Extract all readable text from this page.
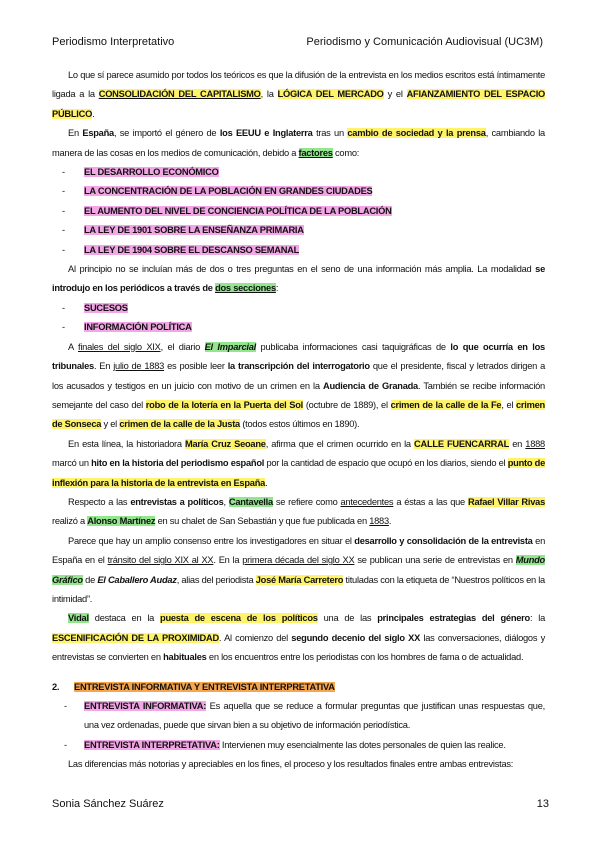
Periodismo Interpretativo	Periodismo y Comunicación Audiovisual (UC3M)

Lo que sí parece asumido por todos los teóricos es que la difusión de la entrevista en los medios escritos está íntimamente ligada a la CONSOLIDACIÓN DEL CAPITALISMO, la LÓGICA DEL MERCADO y el AFIANZAMIENTO DEL ESPACIO PÚBLICO.

En España, se importó el género de los EEUU e Inglaterra tras un cambio de sociedad y la prensa, cambiando la manera de las cosas en los medios de comunicación, debido a factores como:

- EL DESARROLLO ECONÓMICO
- LA CONCENTRACIÓN DE LA POBLACIÓN EN GRANDES CIUDADES
- EL AUMENTO DEL NIVEL DE CONCIENCIA POLÍTICA DE LA POBLACIÓN
- LA LEY DE 1901 SOBRE LA ENSEÑANZA PRIMARIA
- LA LEY DE 1904 SOBRE EL DESCANSO SEMANAL

Al principio no se incluían más de dos o tres preguntas en el seno de una información más amplia. La modalidad se introdujo en los periódicos a través de dos secciones:

- SUCESOS
- INFORMACIÓN POLÍTICA

A finales del siglo XIX, el diario El Imparcial publicaba informaciones casi taquigráficas de lo que ocurría en los tribunales. En julio de 1883 es posible leer la transcripción del interrogatorio que el presidente, fiscal y letrados dirigen a los acusados y testigos en un juicio con motivo de un crimen en la Audiencia de Granada. También se recibe información semejante del caso del robo de la lotería en la Puerta del Sol (octubre de 1889), el crimen de la calle de la Fe, el crimen de Sonseca y el crimen de la calle de la Justa (todos estos últimos en 1890).

En esta línea, la historiadora María Cruz Seoane, afirma que el crimen ocurrido en la CALLE FUENCARRAL en 1888 marcó un hito en la historia del periodismo español por la cantidad de espacio que ocupó en los diarios, siendo el punto de inflexión para la historia de la entrevista en España.

Respecto a las entrevistas a políticos, Cantavella se refiere como antecedentes a éstas a las que Rafael Villar Rivas realizó a Alonso Martínez en su chalet de San Sebastián y que fue publicada en 1883.

Parece que hay un amplio consenso entre los investigadores en situar el desarrollo y consolidación de la entrevista en España en el tránsito del siglo XIX al XX. En la primera década del siglo XX se publican una serie de entrevistas en Mundo Gráfico de El Caballero Audaz, alias del periodista José María Carretero tituladas con la etiqueta de “Nuestros políticos en la intimidad”.

Vidal destaca en la puesta de escena de los políticos una de las principales estrategias del género: la ESCENIFICACIÓN DE LA PROXIMIDAD. Al comienzo del segundo decenio del siglo XX las conversaciones, diálogos y entrevistas se convierten en habituales en los encuentros entre los periodistas con los hombres de fama o de actualidad.

2. ENTREVISTA INFORMATIVA Y ENTREVISTA INTERPRETATIVA
- ENTREVISTA INFORMATIVA: Es aquella que se reduce a formular preguntas que justifican unas respuestas que, una vez ordenadas, puede que sirvan bien a su objetivo de información periodística.
- ENTREVISTA INTERPRETATIVA: Intervienen muy esencialmente las dotes personales de quien las realice.

Las diferencias más notorias y apreciables en los fines, el proceso y los resultados finales entre ambas entrevistas:

Sonia Sánchez Suárez	13
